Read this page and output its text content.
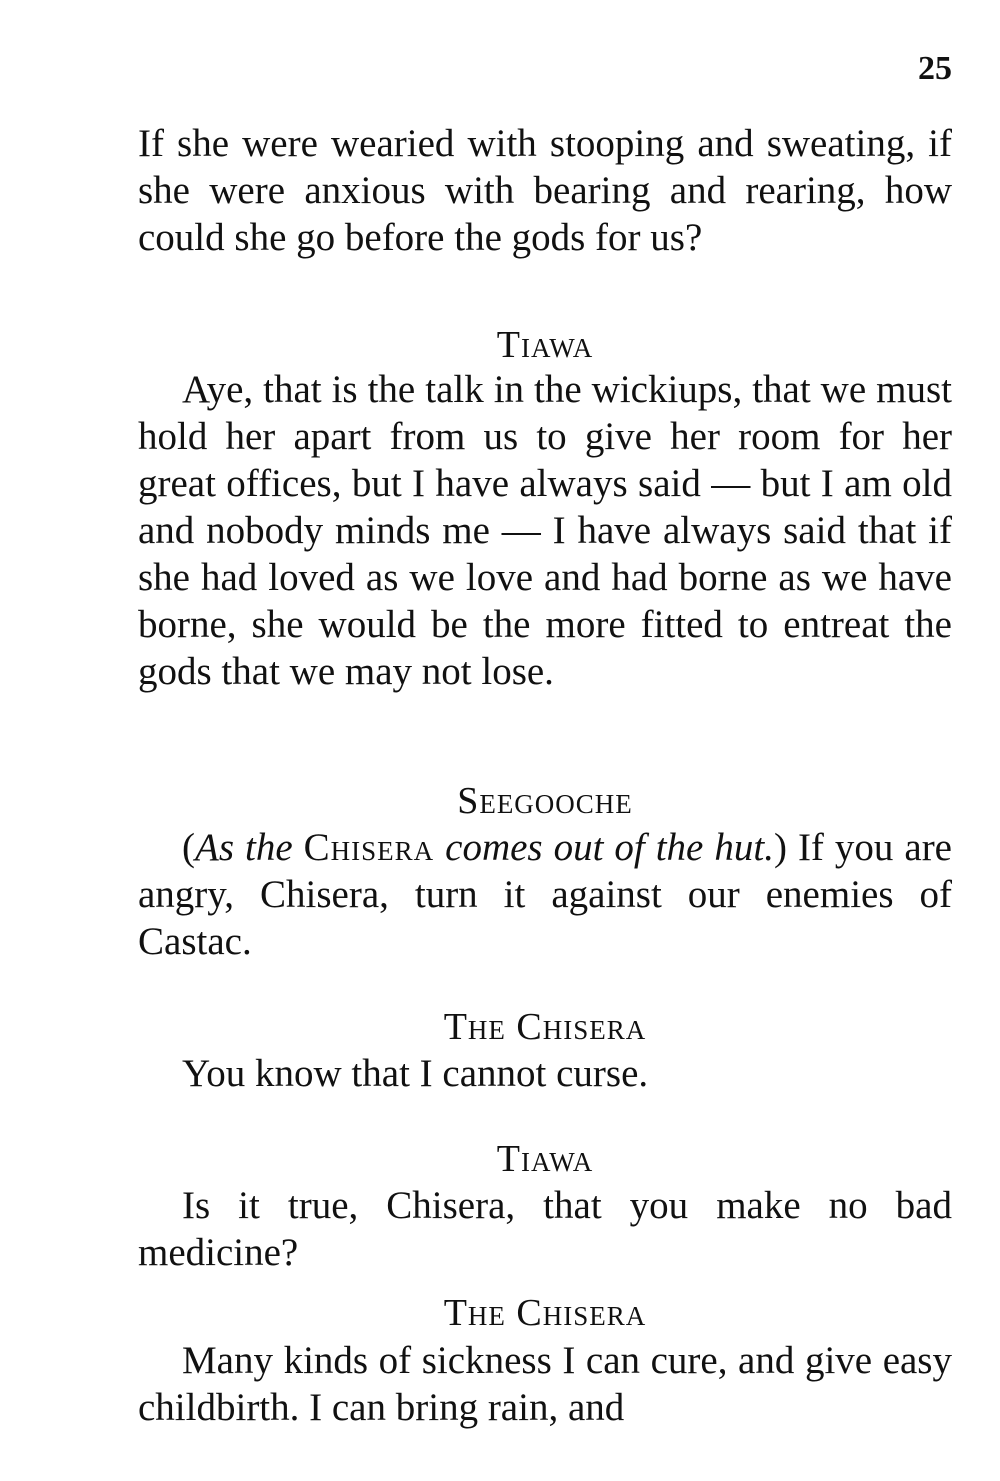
25
If she were wearied with stooping and sweating, if she were anxious with bearing and rearing, how could she go before the gods for us?
Tiawa
Aye, that is the talk in the wickiups, that we must hold her apart from us to give her room for her great offices, but I have always said — but I am old and nobody minds me — I have always said that if she had loved as we love and had borne as we have borne, she would be the more fitted to entreat the gods that we may not lose.
Seegooche
(As the Chisera comes out of the hut.) If you are angry, Chisera, turn it against our enemies of Castac.
The Chisera
You know that I cannot curse.
Tiawa
Is it true, Chisera, that you make no bad medicine?
The Chisera
Many kinds of sickness I can cure, and give easy childbirth. I can bring rain, and
